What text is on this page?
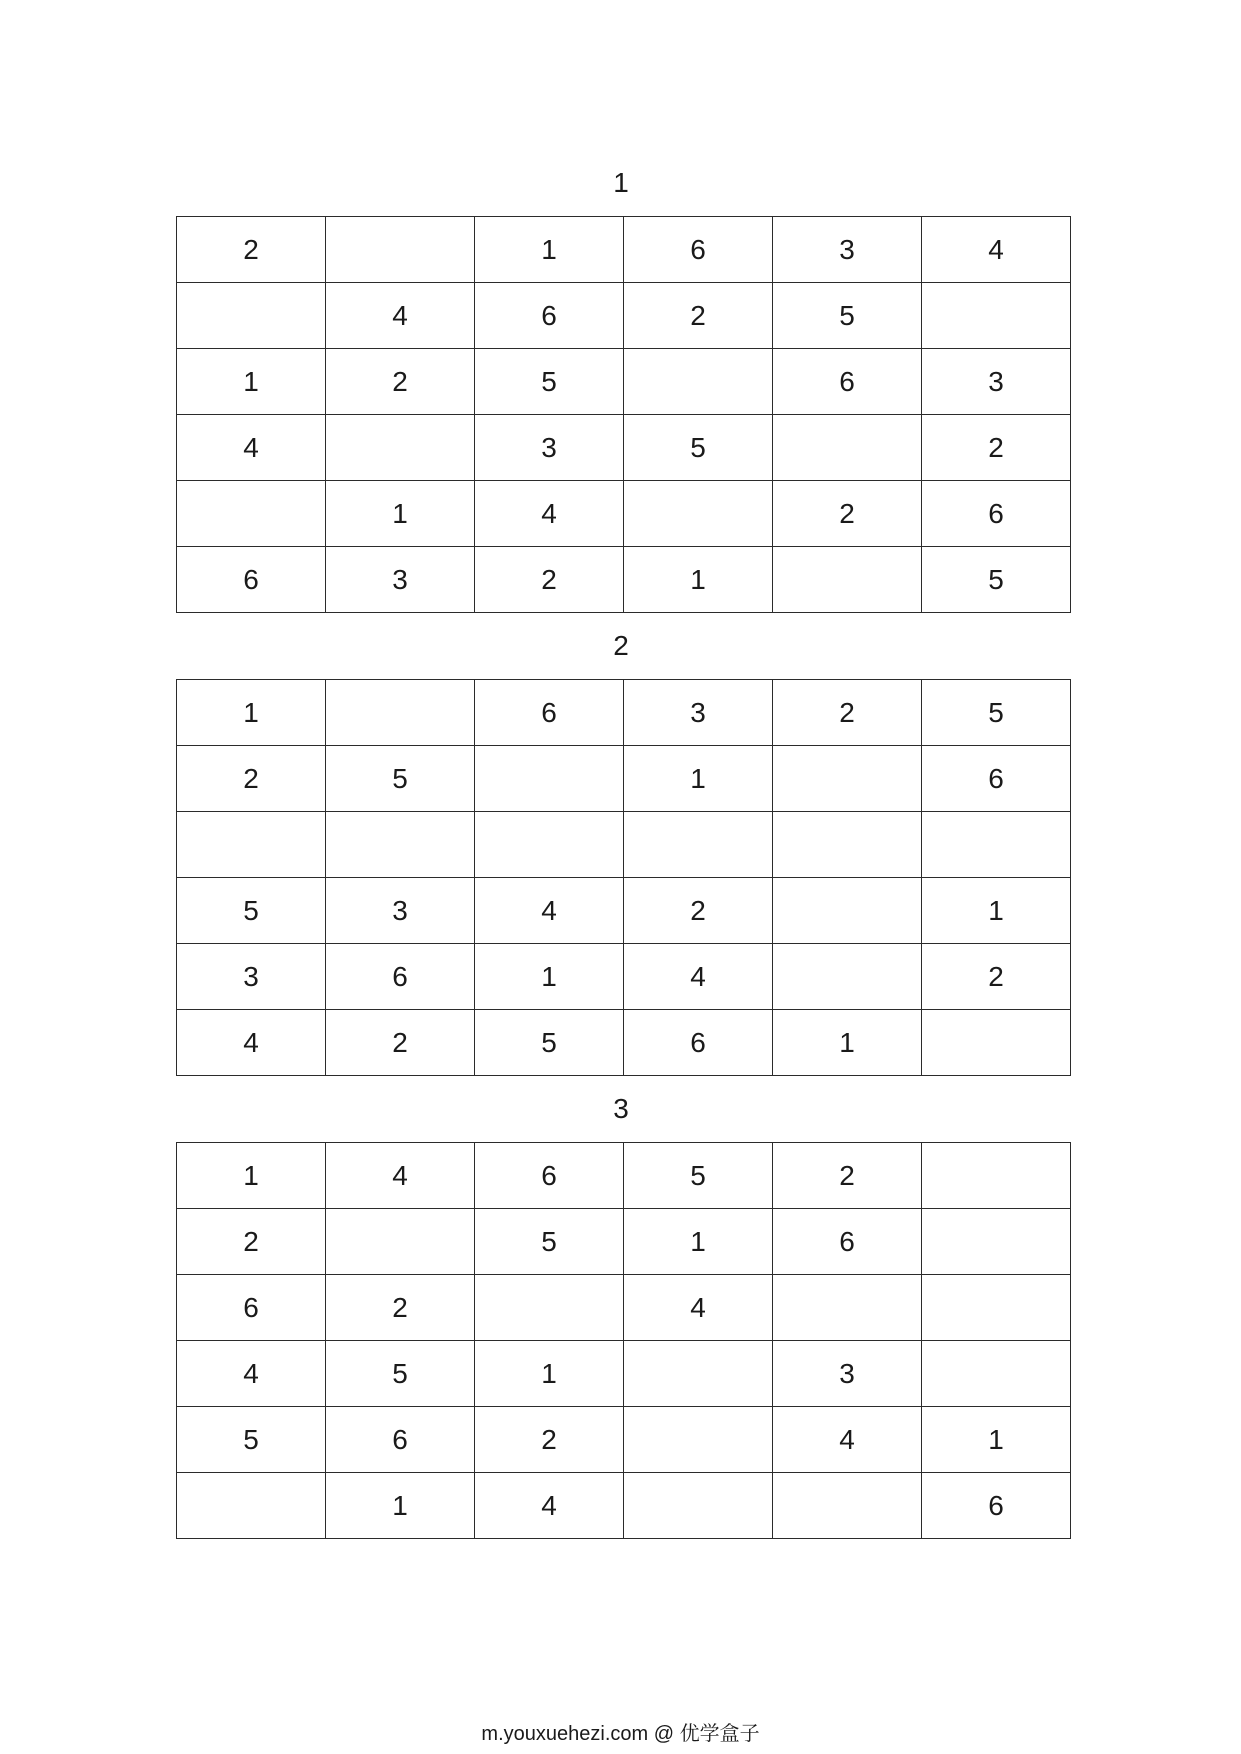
1
2		1	6	3	4
	4	6	2	5	
1	2	5		6	3
4		3	5		2
	1	4		2	6
6	3	2	1		5
2
1		6	3	2	5
2	5		1		6

5	3	4	2		1
3	6	1	4		2
4	2	5	6	1	
3
1	4	6	5	2	
2		5	1	6	
6	2		4		
4	5	1		3	
5	6	2		4	1
	1	4			6
m.youxuehezi.com @ 优学盒子
